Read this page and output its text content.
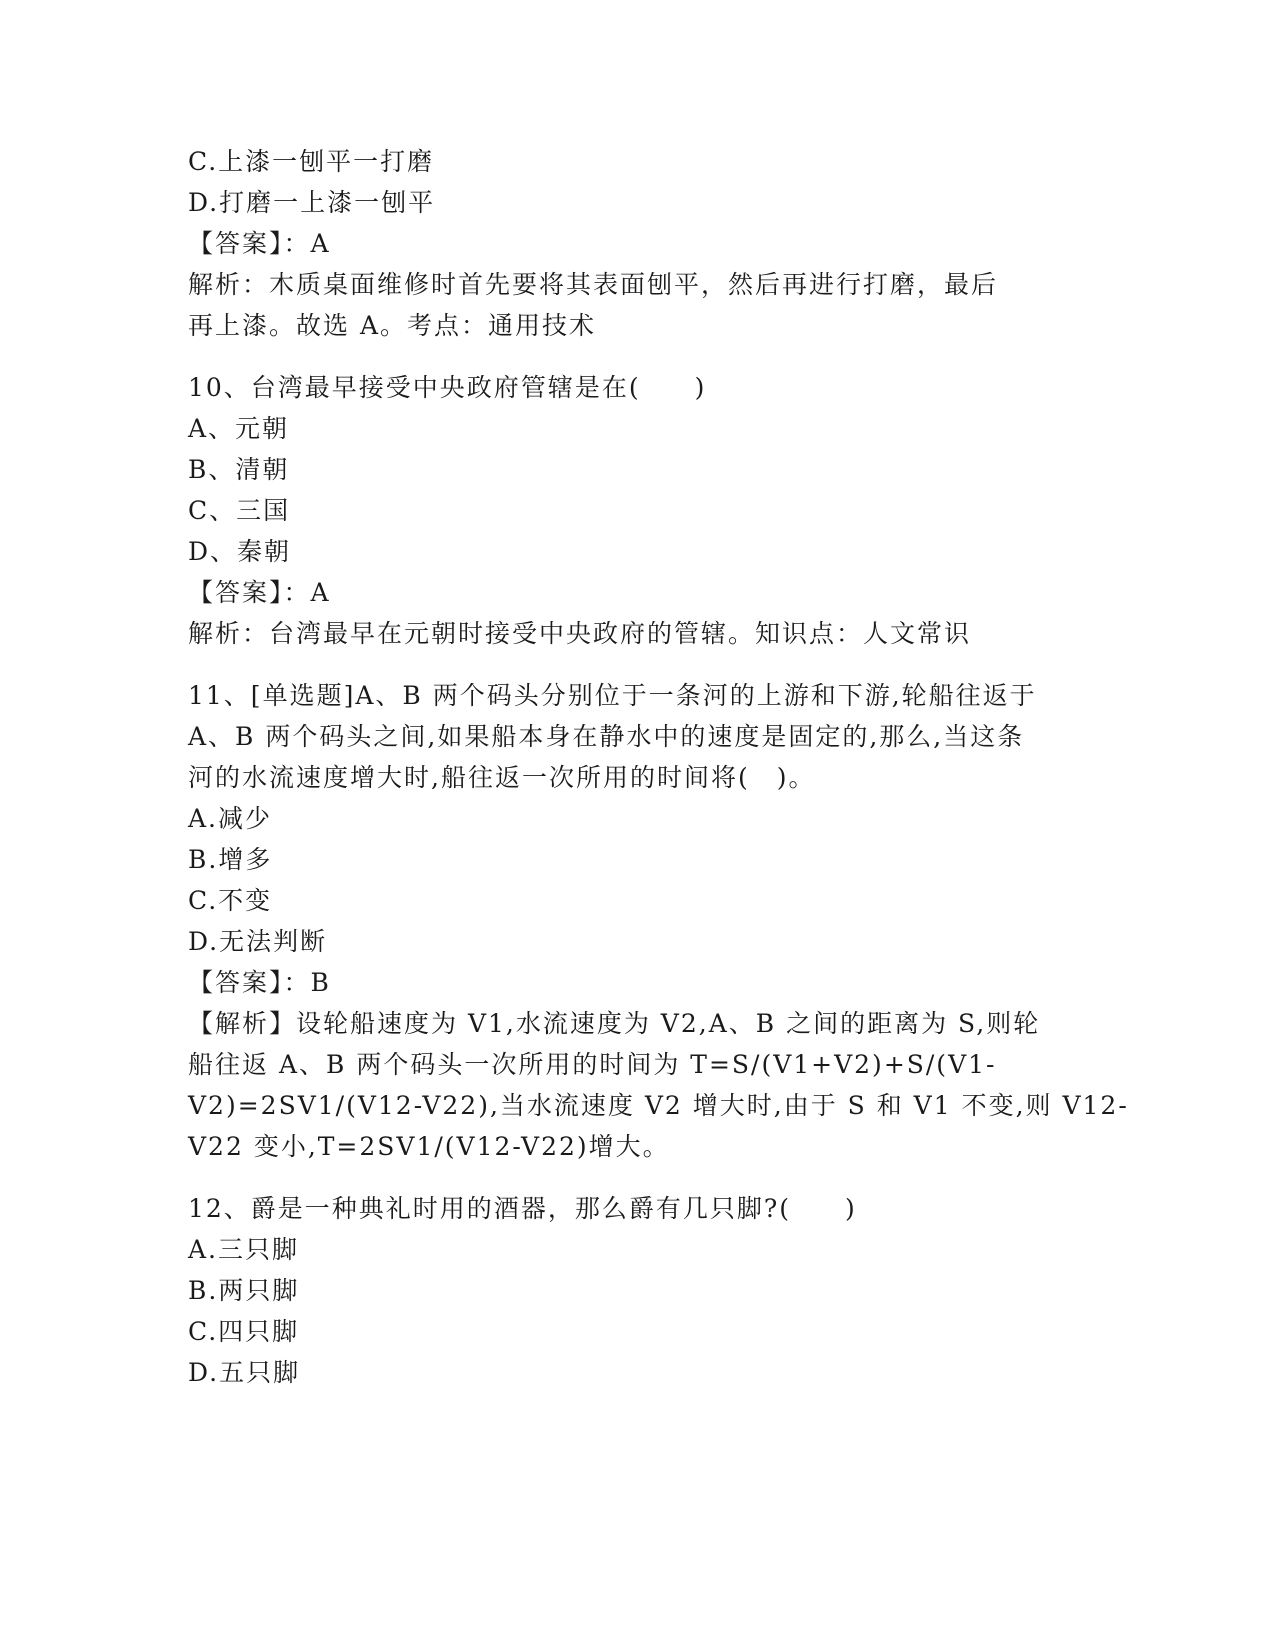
C.上漆一刨平一打磨
D.打磨一上漆一刨平
【答案】：A
解析：木质桌面维修时首先要将其表面刨平，然后再进行打磨，最后
再上漆。故选 A。考点：通用技术
10、台湾最早接受中央政府管辖是在(　　)
A、元朝
B、清朝
C、三国
D、秦朝
【答案】：A
解析：台湾最早在元朝时接受中央政府的管辖。知识点：人文常识
11、[单选题]A、B 两个码头分别位于一条河的上游和下游,轮船往返于
A、B 两个码头之间,如果船本身在静水中的速度是固定的,那么,当这条
河的水流速度增大时,船往返一次所用的时间将(　)。
A.减少
B.增多
C.不变
D.无法判断
【答案】：B
【解析】设轮船速度为 V1,水流速度为 V2,A、B 之间的距离为 S,则轮
船往返 A、B 两个码头一次所用的时间为 T=S/(V1+V2)+S/(V1-
V2)=2SV1/(V12-V22),当水流速度 V2 增大时,由于 S 和 V1 不变,则 V12-
V22 变小,T=2SV1/(V12-V22)增大。
12、爵是一种典礼时用的酒器，那么爵有几只脚?(　　)
A.三只脚
B.两只脚
C.四只脚
D.五只脚
